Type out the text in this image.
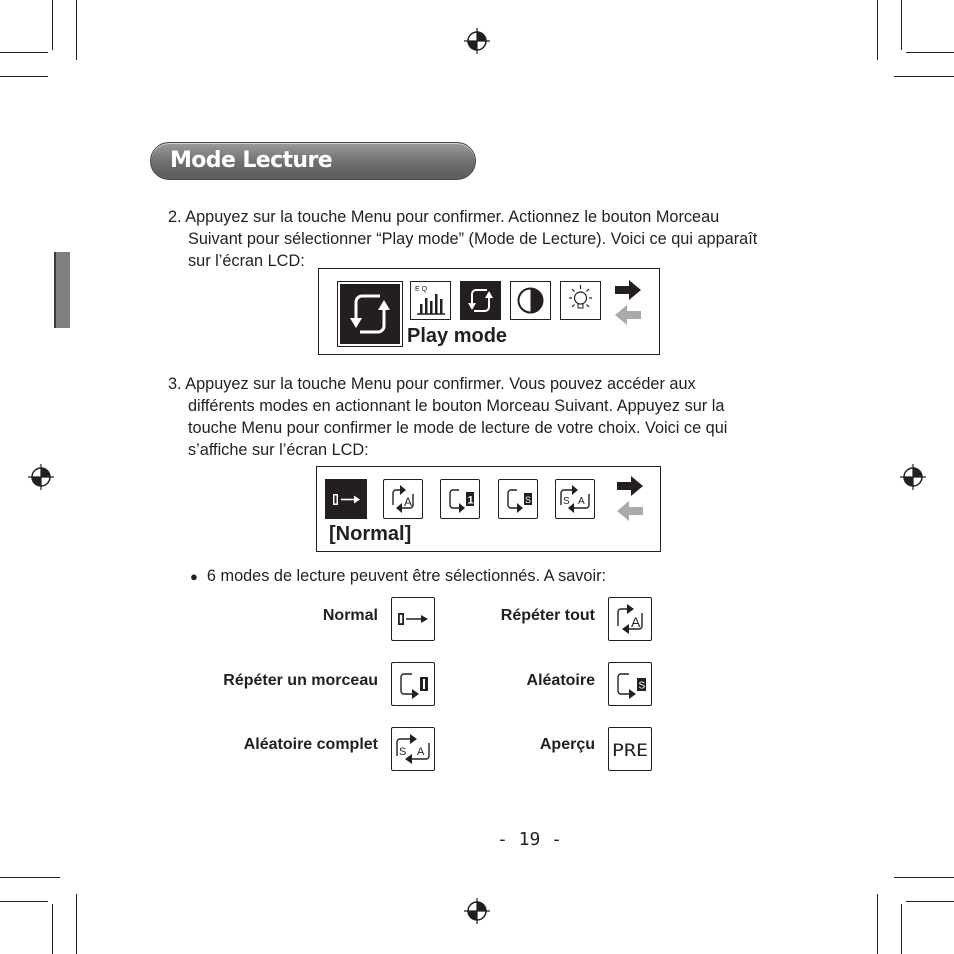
Mode Lecture
2. Appuyez sur la touche Menu pour confirmer. Actionnez le bouton Morceau
Suivant pour sélectionner “Play mode” (Mode de Lecture). Voici ce qui apparaît
sur l’écran LCD:
E Q
Play mode
3. Appuyez sur la touche Menu pour confirmer. Vous pouvez accéder aux
différents modes en actionnant le bouton Morceau Suivant. Appuyez sur la
touche Menu pour confirmer le mode de lecture de votre choix. Voici ce qui
s’affiche sur l’écran LCD:
A	1	S	S A
[Normal]
● 6 modes de lecture peuvent être sélectionnés. A savoir:
Normal	Répéter tout	A
Répéter un morceau	Aléatoire	S
Aléatoire complet S A	Aperçu PRE
- 19 -
